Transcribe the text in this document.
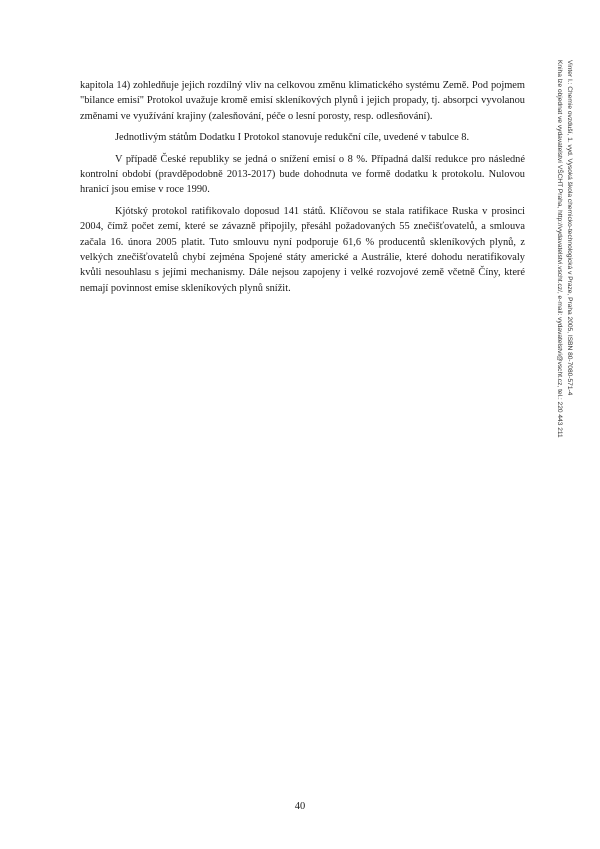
kapitola 14) zohledňuje jejich rozdílný vliv na celkovou změnu klimatického systému Země. Pod pojmem "bilance emisí" Protokol uvažuje kromě emisí skleníkových plynů i jejich propady, tj. absorpci vyvolanou změnami ve využívání krajiny (zalesňování, péče o lesní porosty, resp. odlesňování).

Jednotlivým státům Dodatku I Protokol stanovuje redukční cíle, uvedené v tabulce 8.

V případě České republiky se jedná o snížení emisí o 8 %. Případná další redukce pro následné kontrolní období (pravděpodobně 2013-2017) bude dohodnuta ve formě dodatku k protokolu. Nulovou hranicí jsou emise v roce 1990.

Kjótský protokol ratifikovalo doposud 141 států. Klíčovou se stala ratifikace Ruska v prosinci 2004, čímž počet zemí, které se závazně připojily, přesáhl požadovaných 55 znečišťovatelů, a smlouva začala 16. února 2005 platit. Tuto smlouvu nyní podporuje 61,6 % producentů skleníkových plynů, z velkých znečišťovatelů chybí zejména Spojené státy americké a Austrálie, které dohodu neratifikovaly kvůli nesouhlasu s jejími mechanismy. Dále nejsou zapojeny i velké rozvojové země včetně Číny, které nemají povinnost emise skleníkových plynů snížit.	Vinter I.: Chemie ovzduší, 1. vyd. Vysoká škola chemicko-technologická v Praze, Praha 2005, ISBN 80-7080-571-4
Kniha lze objednat ve vydavatelství VŠCHT Praha, http://vydavatelstvi.vscht.cz/, e-mail: vydavatelstvi@vscht.cz, tel.: 220 443 211
40
